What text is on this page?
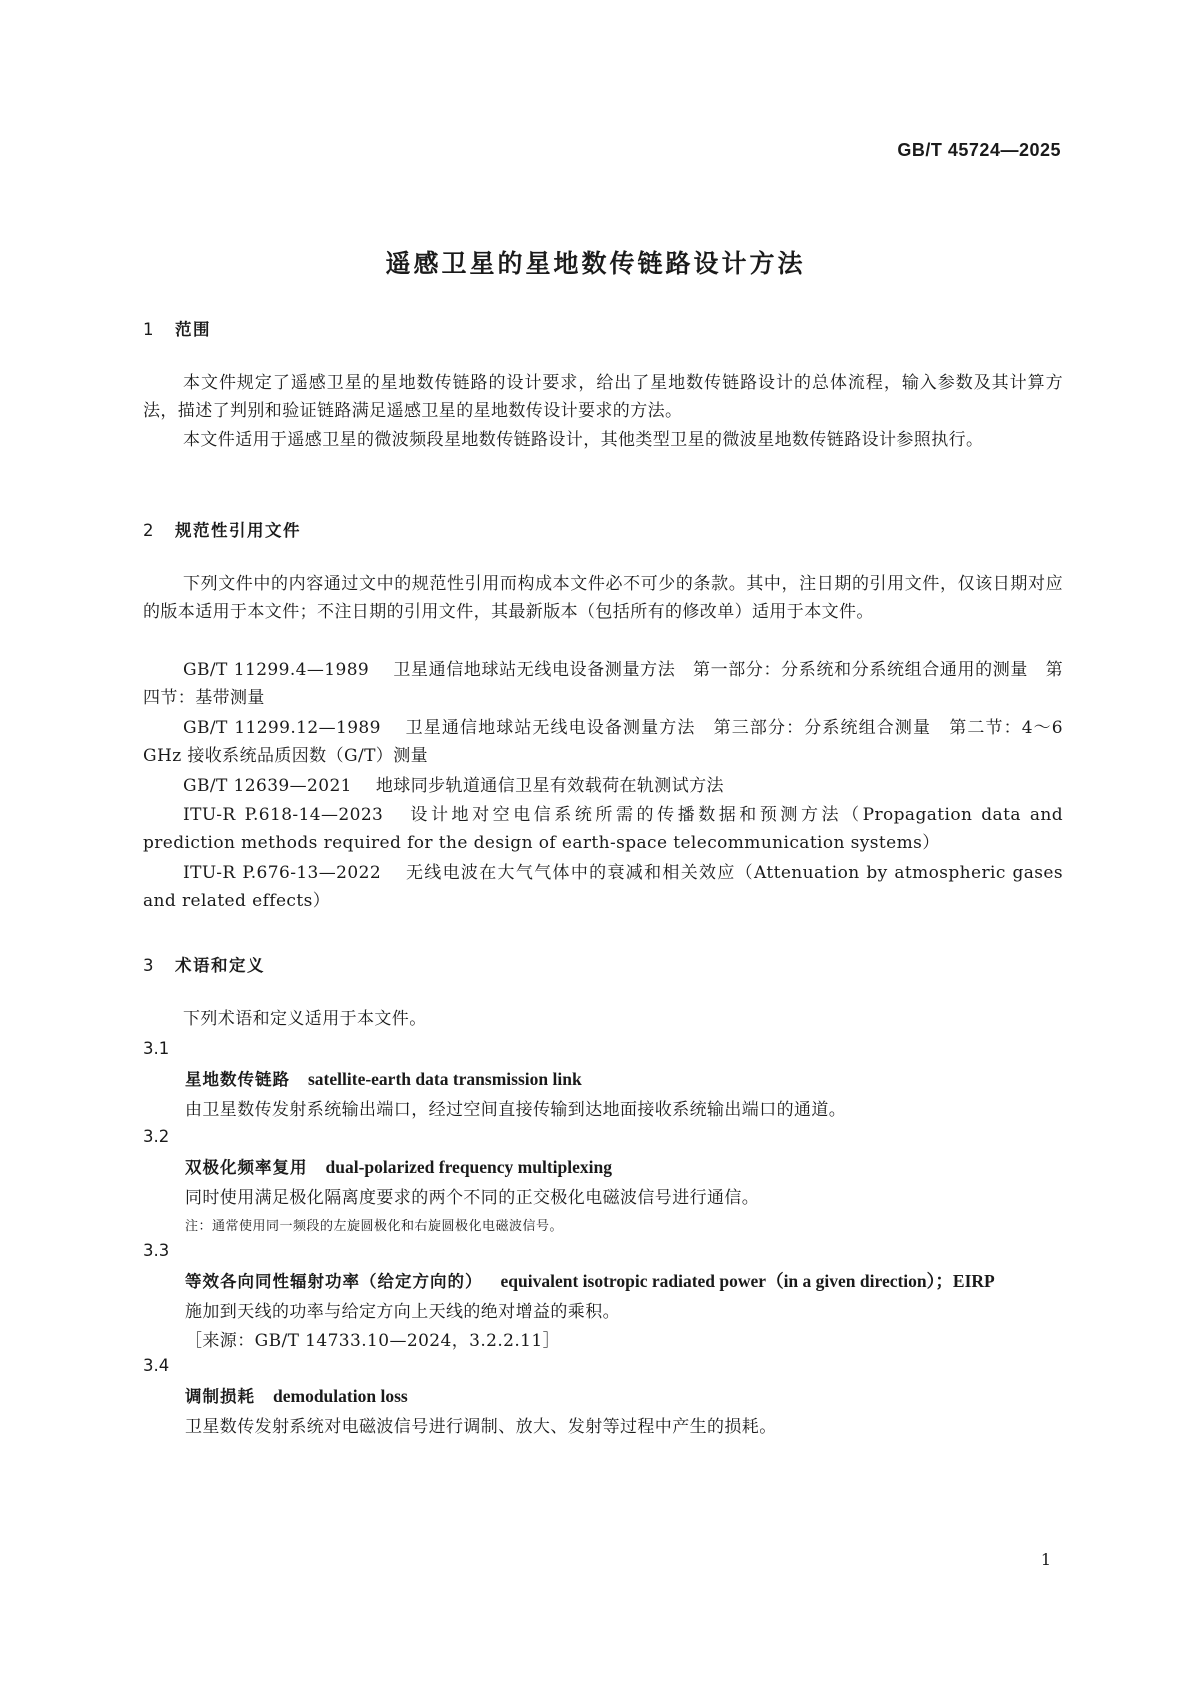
GB/T 45724—2025
遥感卫星的星地数传链路设计方法
1 范围

本文件规定了遥感卫星的星地数传链路的设计要求，给出了星地数传链路设计的总体流程，输入参数及其计算方法，描述了判别和验证链路满足遥感卫星的星地数传设计要求的方法。

本文件适用于遥感卫星的微波频段星地数传链路设计，其他类型卫星的微波星地数传链路设计参照执行。

2 规范性引用文件

下列文件中的内容通过文中的规范性引用而构成本文件必不可少的条款。其中，注日期的引用文件，仅该日期对应的版本适用于本文件；不注日期的引用文件，其最新版本（包括所有的修改单）适用于本文件。

GB/T 11299.4—1989 卫星通信地球站无线电设备测量方法　第一部分：分系统和分系统组合通用的测量　第四节：基带测量

GB/T 11299.12—1989 卫星通信地球站无线电设备测量方法　第三部分：分系统组合测量　第二节：4～6 GHz 接收系统品质因数（G/T）测量

GB/T 12639—2021 地球同步轨道通信卫星有效载荷在轨测试方法

ITU-R P.618-14—2023 设计地对空电信系统所需的传播数据和预测方法（Propagation data and prediction methods required for the design of earth-space telecommunication systems）

ITU-R P.676-13—2022 无线电波在大气气体中的衰减和相关效应（Attenuation by atmospheric gases and related effects）

3 术语和定义

下列术语和定义适用于本文件。

3.1
星地数传链路 satellite-earth data transmission link
由卫星数传发射系统输出端口，经过空间直接传输到达地面接收系统输出端口的通道。
3.2
双极化频率复用 dual-polarized frequency multiplexing
同时使用满足极化隔离度要求的两个不同的正交极化电磁波信号进行通信。
注：通常使用同一频段的左旋圆极化和右旋圆极化电磁波信号。
3.3
等效各向同性辐射功率（给定方向的） equivalent isotropic radiated power（in a given direction）；EIRP
施加到天线的功率与给定方向上天线的绝对增益的乘积。
［来源：GB/T 14733.10—2024，3.2.2.11］
3.4
调制损耗 demodulation loss
卫星数传发射系统对电磁波信号进行调制、放大、发射等过程中产生的损耗。
1
